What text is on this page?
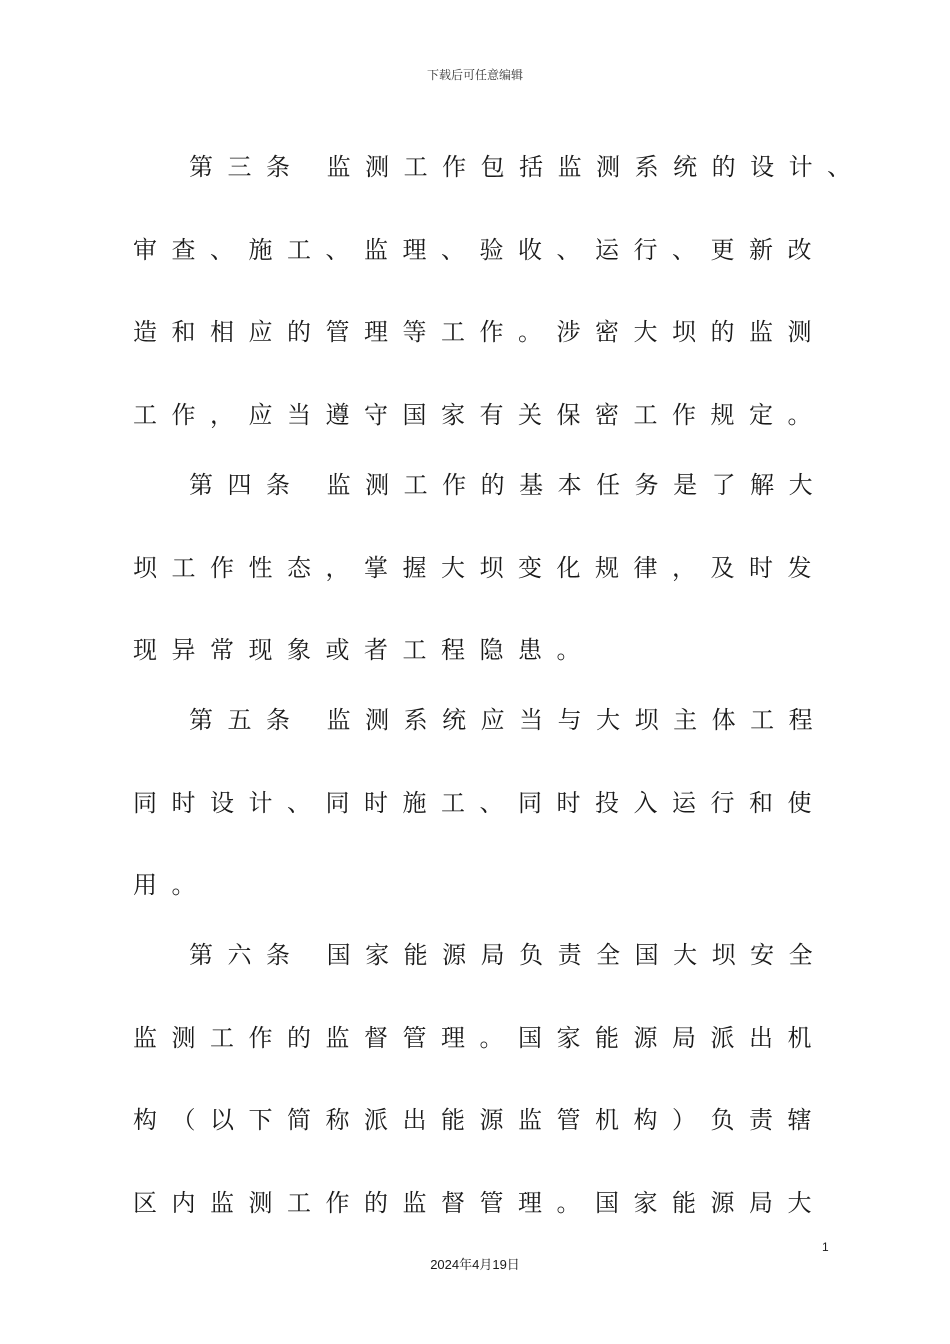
下载后可任意编辑
第三条 监测工作包括监测系统的设计、
审查、施工、监理、验收、运行、更新改
造和相应的管理等工作。涉密大坝的监测
工作，应当遵守国家有关保密工作规定。
第四条 监测工作的基本任务是了解大
坝工作性态，掌握大坝变化规律，及时发
现异常现象或者工程隐患。
第五条 监测系统应当与大坝主体工程
同时设计、同时施工、同时投入运行和使
用。
第六条 国家能源局负责全国大坝安全
监测工作的监督管理。国家能源局派出机
构（以下简称派出能源监管机构）负责辖
区内监测工作的监督管理。国家能源局大
1
2024年4月19日
